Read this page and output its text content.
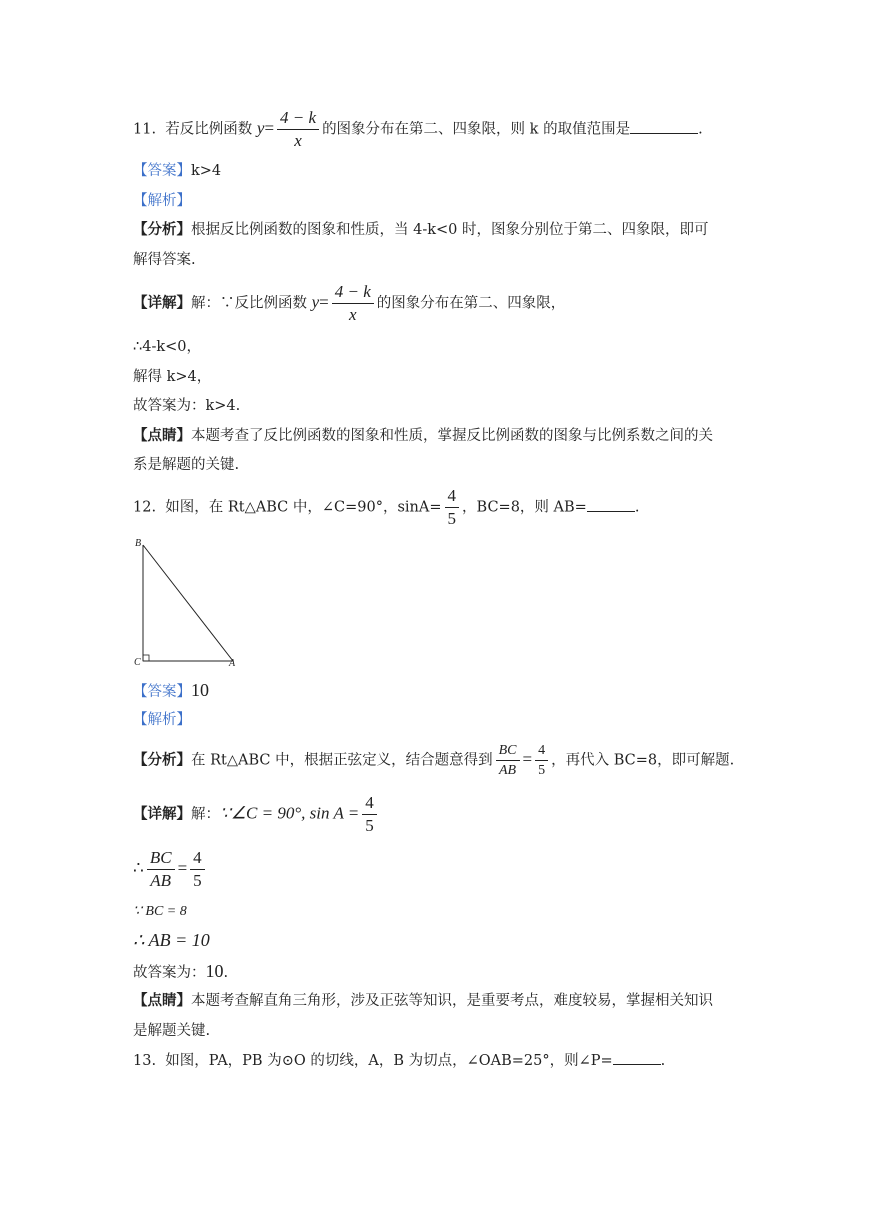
11. 若反比例函数 $y= \frac{4 - k}{x}$ 的图象分布在第二、四象限，则 k 的取值范围是	.
【答案】k>4
【解析】
【分析】根据反比例函数的图象和性质，当 4-k<0 时，图象分别位于第二、四象限，即可
解得答案.
【详解】解：∵反比例函数 $y= \frac{4 - k}{x}$ 的图象分布在第二、四象限，
∴4-k<0，
解得 k>4，
故答案为：k>4.
【点睛】本题考查了反比例函数的图象和性质，掌握反比例函数的图象与比例系数之间的关
系是解题的关键.
12. 如图，在 Rt△ABC 中，∠C=90°，$\sin A= \frac{4}{5}$ ，BC=8，则 AB=	.
B
C	A
【答案】10
【解析】
【分析】在 Rt△ABC 中，根据正弦定义，结合题意得到 $\frac{BC}{AB} = \frac{4}{5}$ ，再代入 BC=8，即可解题.
【详解】解：∵∠C = 90°, $\sin A = \frac{4}{5}$
∴ $\frac{BC}{AB} = \frac{4}{5}$
∵ BC = 8
∴ AB = 10
故答案为：10.
【点睛】本题考查解直角三角形，涉及正弦等知识，是重要考点，难度较易，掌握相关知识
是解题关键.
13. 如图，PA，PB 为⊙O 的切线，A，B 为切点，∠OAB=25°，则∠P=	.
